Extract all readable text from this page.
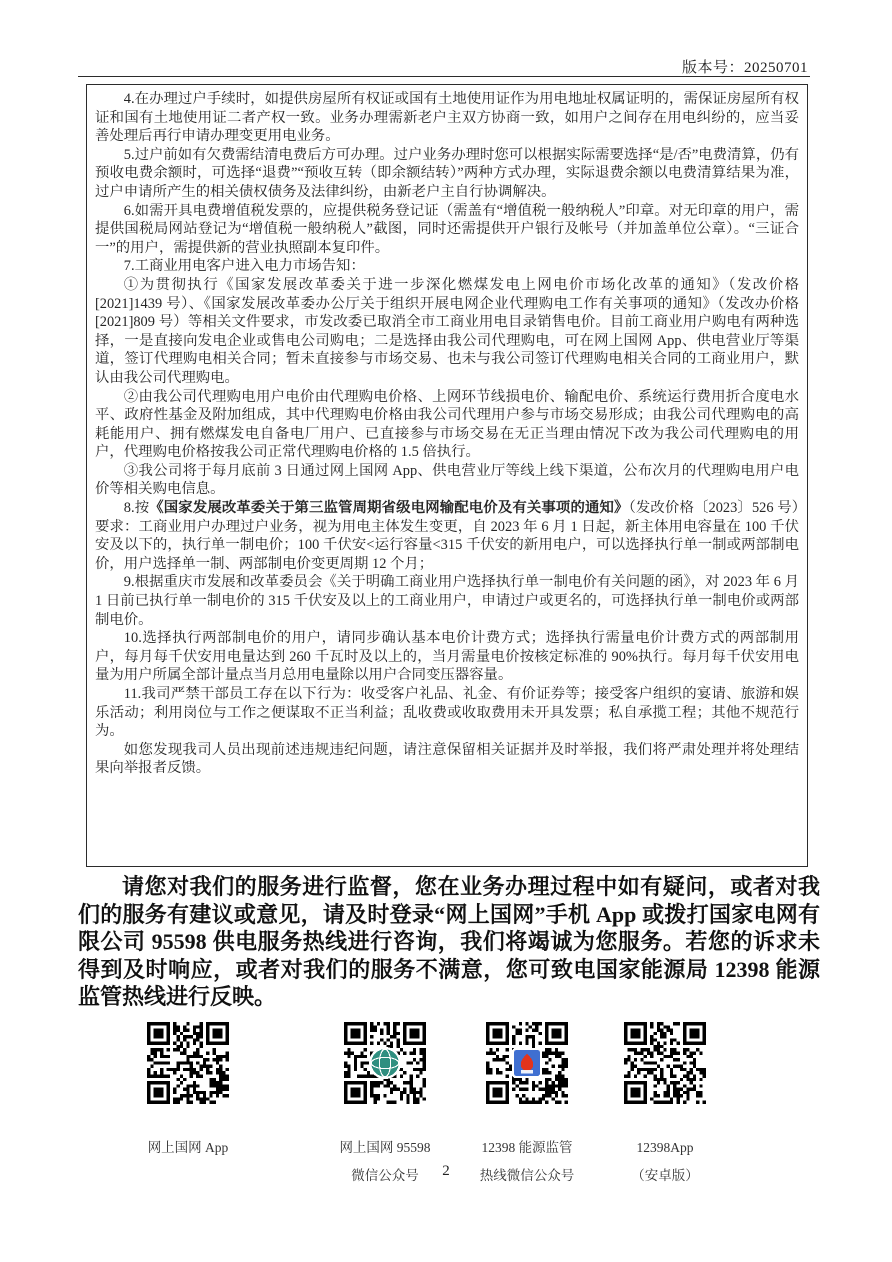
版本号：20250701

4.在办理过户手续时，如提供房屋所有权证或国有土地使用证作为用电地址权属证明的，需保证房屋所有权证和国有土地使用证二者产权一致。业务办理需新老户主双方协商一致，如用户之间存在用电纠纷的，应当妥善处理后再行申请办理变更用电业务。

5.过户前如有欠费需结清电费后方可办理。过户业务办理时您可以根据实际需要选择“是/否”电费清算，仍有预收电费余额时，可选择“退费”“预收互转（即余额结转）”两种方式办理，实际退费余额以电费清算结果为准，过户申请所产生的相关债权债务及法律纠纷，由新老户主自行协调解决。

6.如需开具电费增值税发票的，应提供税务登记证（需盖有“增值税一般纳税人”印章。对无印章的用户，需提供国税局网站登记为“增值税一般纳税人”截图，同时还需提供开户银行及帐号（并加盖单位公章）。“三证合一”的用户，需提供新的营业执照副本复印件。

7.工商业用电客户进入电力市场告知：

①为贯彻执行《国家发展改革委关于进一步深化燃煤发电上网电价市场化改革的通知》（发改价格[2021]1439 号）、《国家发展改革委办公厅关于组织开展电网企业代理购电工作有关事项的通知》（发改办价格[2021]809 号）等相关文件要求，市发改委已取消全市工商业用电目录销售电价。目前工商业用户购电有两种选择，一是直接向发电企业或售电公司购电；二是选择由我公司代理购电，可在网上国网 App、供电营业厅等渠道，签订代理购电相关合同；暂未直接参与市场交易、也未与我公司签订代理购电相关合同的工商业用户，默认由我公司代理购电。

②由我公司代理购电用户电价由代理购电价格、上网环节线损电价、输配电价、系统运行费用折合度电水平、政府性基金及附加组成，其中代理购电价格由我公司代理用户参与市场交易形成；由我公司代理购电的高耗能用户、拥有燃煤发电自备电厂用户、已直接参与市场交易在无正当理由情况下改为我公司代理购电的用户，代理购电价格按我公司正常代理购电价格的 1.5 倍执行。

③我公司将于每月底前 3 日通过网上国网 App、供电营业厅等线上线下渠道，公布次月的代理购电用户电价等相关购电信息。

8.按《国家发展改革委关于第三监管周期省级电网输配电价及有关事项的通知》（发改价格〔2023〕526 号）要求：工商业用户办理过户业务，视为用电主体发生变更，自 2023 年 6 月 1 日起，新主体用电容量在 100 千伏安及以下的，执行单一制电价；100 千伏安<运行容量<315 千伏安的新用电户，可以选择执行单一制或两部制电价，用户选择单一制、两部制电价变更周期 12 个月；

9.根据重庆市发展和改革委员会《关于明确工商业用户选择执行单一制电价有关问题的函》，对 2023 年 6 月 1 日前已执行单一制电价的 315 千伏安及以上的工商业用户，申请过户或更名的，可选择执行单一制电价或两部制电价。

10.选择执行两部制电价的用户，请同步确认基本电价计费方式；选择执行需量电价计费方式的两部制用户，每月每千伏安用电量达到 260 千瓦时及以上的，当月需量电价按核定标准的 90%执行。每月每千伏安用电量为用户所属全部计量点当月总用电量除以用户合同变压器容量。

11.我司严禁干部员工存在以下行为：收受客户礼品、礼金、有价证券等；接受客户组织的宴请、旅游和娱乐活动；利用岗位与工作之便谋取不正当利益；乱收费或收取费用未开具发票；私自承揽工程；其他不规范行为。

如您发现我司人员出现前述违规违纪问题，请注意保留相关证据并及时举报，我们将严肃处理并将处理结果向举报者反馈。

请您对我们的服务进行监督，您在业务办理过程中如有疑问，或者对我们的服务有建议或意见，请及时登录“网上国网”手机 App 或拨打国家电网有限公司 95598 供电服务热线进行咨询，我们将竭诚为您服务。若您的诉求未得到及时响应，或者对我们的服务不满意，您可致电国家能源局 12398 能源监管热线进行反映。
网上国网 App	网上国网 95598
微信公众号
12398 能源监管
热线微信公众号
12398App
（安卓版）
2
